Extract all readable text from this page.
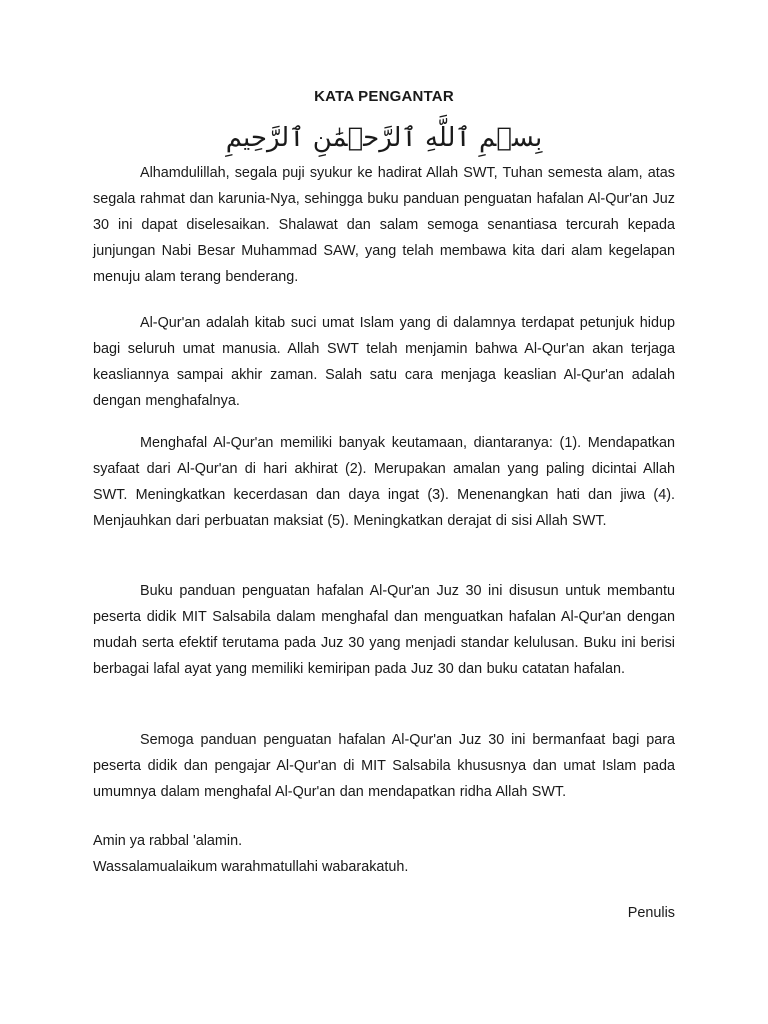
KATA PENGANTAR
بِسۡمِ ٱللَّهِ ٱلرَّحۡمَٰنِ ٱلرَّحِيمِ

Alhamdulillah, segala puji syukur ke hadirat Allah SWT, Tuhan semesta alam, atas segala rahmat dan karunia-Nya, sehingga buku panduan penguatan hafalan Al-Qur'an Juz 30 ini dapat diselesaikan. Shalawat dan salam semoga senantiasa tercurah kepada junjungan Nabi Besar Muhammad SAW, yang telah membawa kita dari alam kegelapan menuju alam terang benderang.

Al-Qur'an adalah kitab suci umat Islam yang di dalamnya terdapat petunjuk hidup bagi seluruh umat manusia. Allah SWT telah menjamin bahwa Al-Qur'an akan terjaga keasliannya sampai akhir zaman. Salah satu cara menjaga keaslian Al-Qur'an adalah dengan menghafalnya.

Menghafal Al-Qur'an memiliki banyak keutamaan, diantaranya: (1). Mendapatkan syafaat dari Al-Qur'an di hari akhirat (2). Merupakan amalan yang paling dicintai Allah SWT. Meningkatkan kecerdasan dan daya ingat (3). Menenangkan hati dan jiwa (4). Menjauhkan dari perbuatan maksiat (5). Meningkatkan derajat di sisi Allah SWT.

Buku panduan penguatan hafalan Al-Qur'an Juz 30 ini disusun untuk membantu peserta didik MIT Salsabila dalam menghafal dan menguatkan hafalan Al-Qur'an dengan mudah serta efektif terutama pada Juz 30 yang menjadi standar kelulusan. Buku ini berisi berbagai lafal ayat yang memiliki kemiripan pada Juz 30 dan buku catatan hafalan.

Semoga panduan penguatan hafalan Al-Qur'an Juz 30 ini bermanfaat bagi para peserta didik dan pengajar Al-Qur'an di MIT Salsabila khususnya dan umat Islam pada umumnya dalam menghafal Al-Qur'an dan mendapatkan ridha Allah SWT.

Amin ya rabbal 'alamin.

Wassalamualaikum warahmatullahi wabarakatuh.

Penulis
